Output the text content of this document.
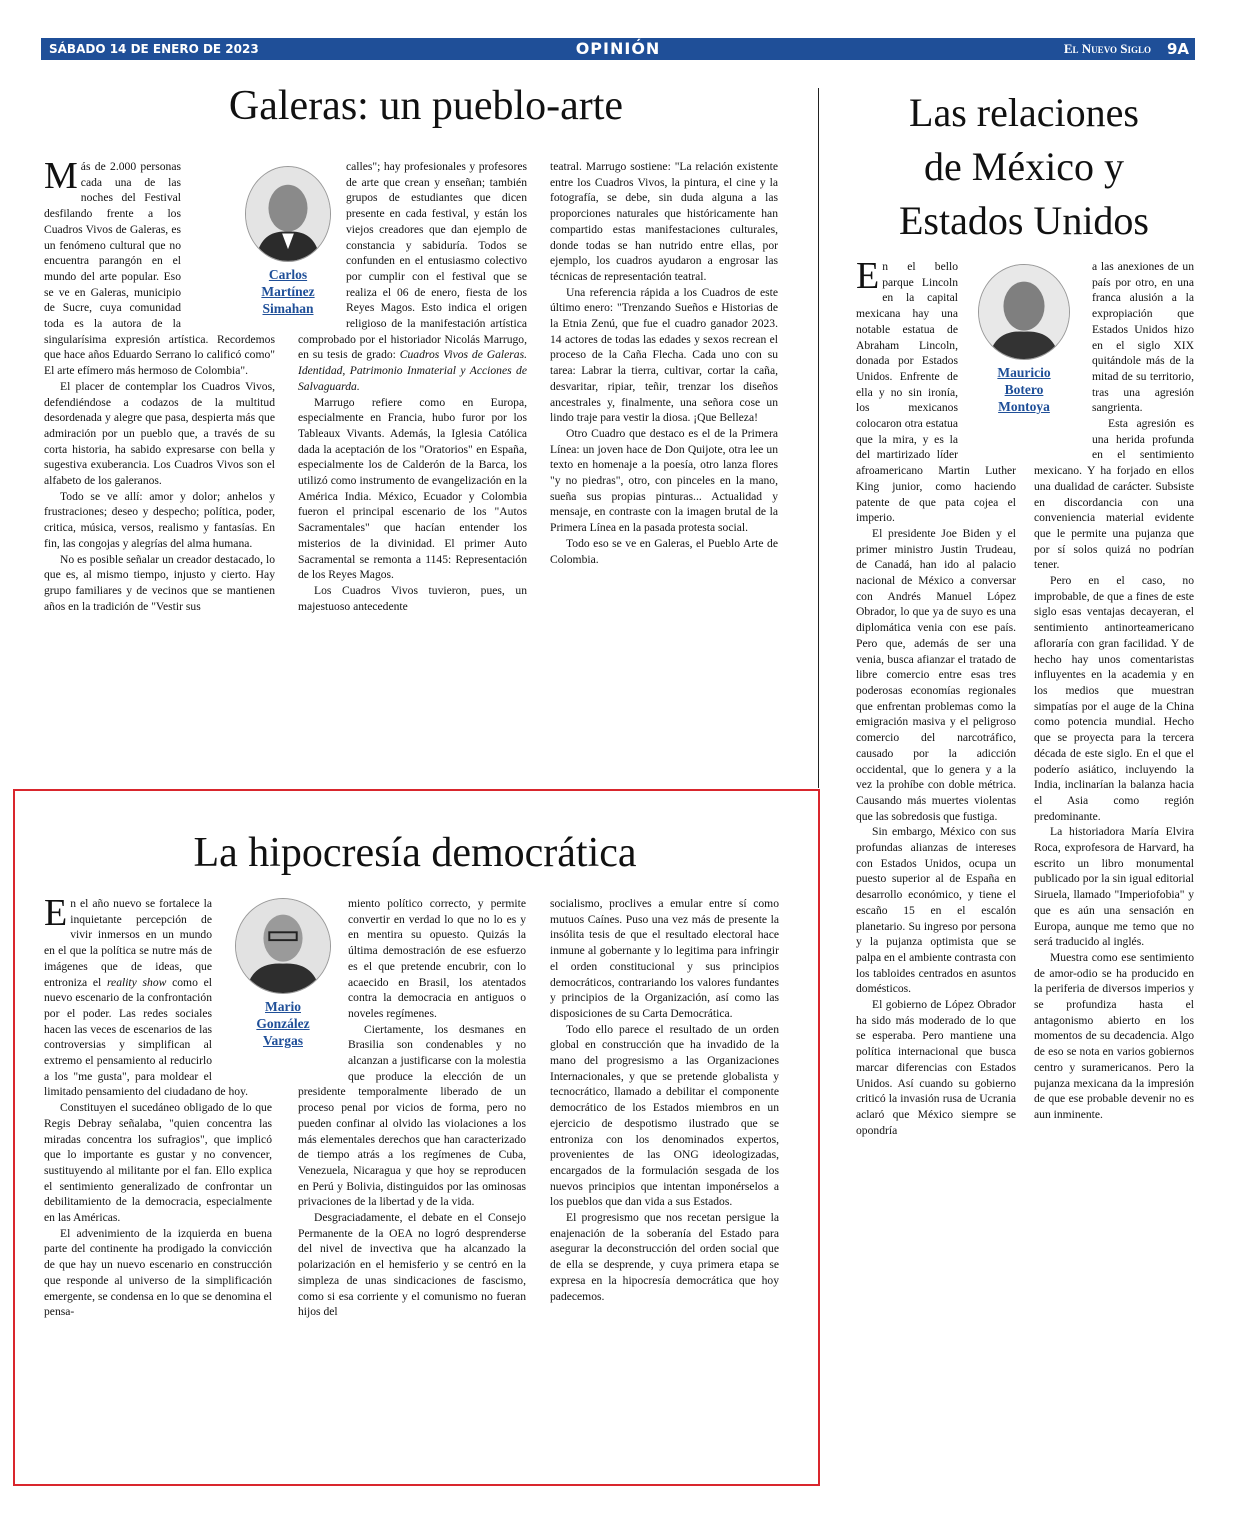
SÁBADO 14 DE ENERO DE 2023	OPINIÓN	El Nuevo Siglo 9A
Galeras: un pueblo-arte
Carlos
Martínez
Simahan

Más de 2.000 personas cada una de las noches del Festival desfilando frente a los Cuadros Vivos de Galeras, es un fenómeno cultural que no encuentra parangón en el mundo del arte popular. Eso se ve en Galeras, municipio de Sucre, cuya comunidad toda es la autora de la singularísima expresión artística. Recordemos que hace años Eduardo Serrano lo calificó como" El arte efímero más hermoso de Colombia".

El placer de contemplar los Cuadros Vivos, defendiéndose a codazos de la multitud desordenada y alegre que pasa, despierta más que admiración por un pueblo que, a través de su corta historia, ha sabido expresarse con bella y sugestiva exuberancia. Los Cuadros Vivos son el alfabeto de los galeranos.

Todo se ve allí: amor y dolor; anhelos y frustraciones; deseo y despecho; política, poder, critica, música, versos, realismo y fantasías. En fin, las congojas y alegrías del alma humana.

No es posible señalar un creador destacado, lo que es, al mismo tiempo, injusto y cierto. Hay grupo familiares y de vecinos que se mantienen años en la tradición de "Vestir sus

calles"; hay profesionales y profesores de arte que crean y enseñan; también grupos de estudiantes que dicen presente en cada festival, y están los viejos creadores que dan ejemplo de constancia y sabiduría. Todos se confunden en el entusiasmo colectivo por cumplir con el festival que se realiza el 06 de enero, fiesta de los Reyes Magos. Esto indica el origen religioso de la manifestación artística comprobado por el historiador Nicolás Marrugo, en su tesis de grado: Cuadros Vivos de Galeras. Identidad, Patrimonio Inmaterial y Acciones de Salvaguarda.

Marrugo refiere como en Europa, especialmente en Francia, hubo furor por los Tableaux Vivants. Además, la Iglesia Católica dada la aceptación de los "Oratorios" en España, especialmente los de Calderón de la Barca, los utilizó como instrumento de evangelización en la América India. México, Ecuador y Colombia fueron el principal escenario de los "Autos Sacramentales" que hacían entender los misterios de la divinidad. El primer Auto Sacramental se remonta a 1145: Representación de los Reyes Magos.

Los Cuadros Vivos tuvieron, pues, un majestuoso antecedente

teatral. Marrugo sostiene: "La relación existente entre los Cuadros Vivos, la pintura, el cine y la fotografía, se debe, sin duda alguna a las proporciones naturales que históricamente han compartido estas manifestaciones culturales, donde todas se han nutrido entre ellas, por ejemplo, los cuadros ayudaron a engrosar las técnicas de representación teatral.

Una referencia rápida a los Cuadros de este último enero: "Trenzando Sueños e Historias de la Etnia Zenú, que fue el cuadro ganador 2023. 14 actores de todas las edades y sexos recrean el proceso de la Caña Flecha. Cada uno con su tarea: Labrar la tierra, cultivar, cortar la caña, desvaritar, ripiar, teñir, trenzar los diseños ancestrales y, finalmente, una señora cose un lindo traje para vestir la diosa. ¡Que Belleza!

Otro Cuadro que destaco es el de la Primera Línea: un joven hace de Don Quijote, otra lee un texto en homenaje a la poesía, otro lanza flores "y no piedras", otro, con pinceles en la mano, sueña sus propias pinturas... Actualidad y mensaje, en contraste con la imagen brutal de la Primera Línea en la pasada protesta social.

Todo eso se ve en Galeras, el Pueblo Arte de Colombia.

Las relaciones
de México y
Estados Unidos
Mauricio
Botero
Montoya

En el bello parque Lincoln en la capital mexicana hay una notable estatua de Abraham Lincoln, donada por Estados Unidos. Enfrente de ella y no sin ironía, los mexicanos colocaron otra estatua que la mira, y es la del martirizado líder afroamericano Martin Luther King junior, como haciendo patente de que pata cojea el imperio.

El presidente Joe Biden y el primer ministro Justin Trudeau, de Canadá, han ido al palacio nacional de México a conversar con Andrés Manuel López Obrador, lo que ya de suyo es una diplomática venia con ese país. Pero que, además de ser una venia, busca afianzar el tratado de libre comercio entre esas tres poderosas economías regionales que enfrentan problemas como la emigración masiva y el peligroso comercio del narcotráfico, causado por la adicción occidental, que lo genera y a la vez la prohíbe con doble métrica. Causando más muertes violentas que las sobredosis que fustiga.

Sin embargo, México con sus profundas alianzas de intereses con Estados Unidos, ocupa un puesto superior al de España en desarrollo económico, y tiene el escaño 15 en el escalón planetario. Su ingreso por persona y la pujanza optimista que se palpa en el ambiente contrasta con los tabloides centrados en asuntos domésticos.

El gobierno de López Obrador ha sido más moderado de lo que se esperaba. Pero mantiene una política internacional que busca marcar diferencias con Estados Unidos. Así cuando su gobierno criticó la invasión rusa de Ucrania aclaró que México siempre se opondría

a las anexiones de un país por otro, en una franca alusión a la expropiación que Estados Unidos hizo en el siglo XIX quitándole más de la mitad de su territorio, tras una agresión sangrienta.

Esta agresión es una herida profunda en el sentimiento mexicano. Y ha forjado en ellos una dualidad de carácter. Subsiste en discordancia con una conveniencia material evidente que le permite una pujanza que por sí solos quizá no podrían tener.

Pero en el caso, no improbable, de que a fines de este siglo esas ventajas decayeran, el sentimiento antinorteamericano afloraría con gran facilidad. Y de hecho hay unos comentaristas influyentes en la academia y en los medios que muestran simpatías por el auge de la China como potencia mundial. Hecho que se proyecta para la tercera década de este siglo. En el que el poderío asiático, incluyendo la India, inclinarían la balanza hacia el Asia como región predominante.

La historiadora María Elvira Roca, exprofesora de Harvard, ha escrito un libro monumental publicado por la sin igual editorial Siruela, llamado "Imperiofobia" y que es aún una sensación en Europa, aunque me temo que no será traducido al inglés.

Muestra como ese sentimiento de amor-odio se ha producido en la periferia de diversos imperios y se profundiza hasta el antagonismo abierto en los momentos de su decadencia. Algo de eso se nota en varios gobiernos centro y suramericanos. Pero la pujanza mexicana da la impresión de que ese probable devenir no es aun inminente.

La hipocresía democrática
Mario
González
Vargas

En el año nuevo se fortalece la inquietante percepción de vivir inmersos en un mundo en el que la política se nutre más de imágenes que de ideas, que entroniza el reality show como el nuevo escenario de la confrontación por el poder. Las redes sociales hacen las veces de escenarios de las controversias y simplifican al extremo el pensamiento al reducirlo a los "me gusta", para moldear el limitado pensamiento del ciudadano de hoy.

Constituyen el sucedáneo obligado de lo que Regis Debray señalaba, "quien concentra las miradas concentra los sufragios", que implicó que lo importante es gustar y no convencer, sustituyendo al militante por el fan. Ello explica el sentimiento generalizado de confrontar un debilitamiento de la democracia, especialmente en las Américas.

El advenimiento de la izquierda en buena parte del continente ha prodigado la convicción de que hay un nuevo escenario en construcción que responde al universo de la simplificación emergente, se condensa en lo que se denomina el pensa-

miento político correcto, y permite convertir en verdad lo que no lo es y en mentira su opuesto. Quizás la última demostración de ese esfuerzo es el que pretende encubrir, con lo acaecido en Brasil, los atentados contra la democracia en antiguos o noveles regímenes.

Ciertamente, los desmanes en Brasilia son condenables y no alcanzan a justificarse con la molestia que produce la elección de un presidente temporalmente liberado de un proceso penal por vicios de forma, pero no pueden confinar al olvido las violaciones a los más elementales derechos que han caracterizado de tiempo atrás a los regímenes de Cuba, Venezuela, Nicaragua y que hoy se reproducen en Perú y Bolivia, distinguidos por las ominosas privaciones de la libertad y de la vida.

Desgraciadamente, el debate en el Consejo Permanente de la OEA no logró desprenderse del nivel de invectiva que ha alcanzado la polarización en el hemisferio y se centró en la simpleza de unas sindicaciones de fascismo, como si esa corriente y el comunismo no fueran hijos del

socialismo, proclives a emular entre sí como mutuos Caínes. Puso una vez más de presente la insólita tesis de que el resultado electoral hace inmune al gobernante y lo legitima para infringir el orden constitucional y sus principios democráticos, contrariando los valores fundantes y principios de la Organización, así como las disposiciones de su Carta Democrática.

Todo ello parece el resultado de un orden global en construcción que ha invadido de la mano del progresismo a las Organizaciones Internacionales, y que se pretende globalista y tecnocrático, llamado a debilitar el componente democrático de los Estados miembros en un ejercicio de despotismo ilustrado que se entroniza con los denominados expertos, provenientes de las ONG ideologizadas, encargados de la formulación sesgada de los nuevos principios que intentan imponérselos a los pueblos que dan vida a sus Estados.

El progresismo que nos recetan persigue la enajenación de la soberanía del Estado para asegurar la deconstrucción del orden social que de ella se desprende, y cuya primera etapa se expresa en la hipocresía democrática que hoy padecemos.
